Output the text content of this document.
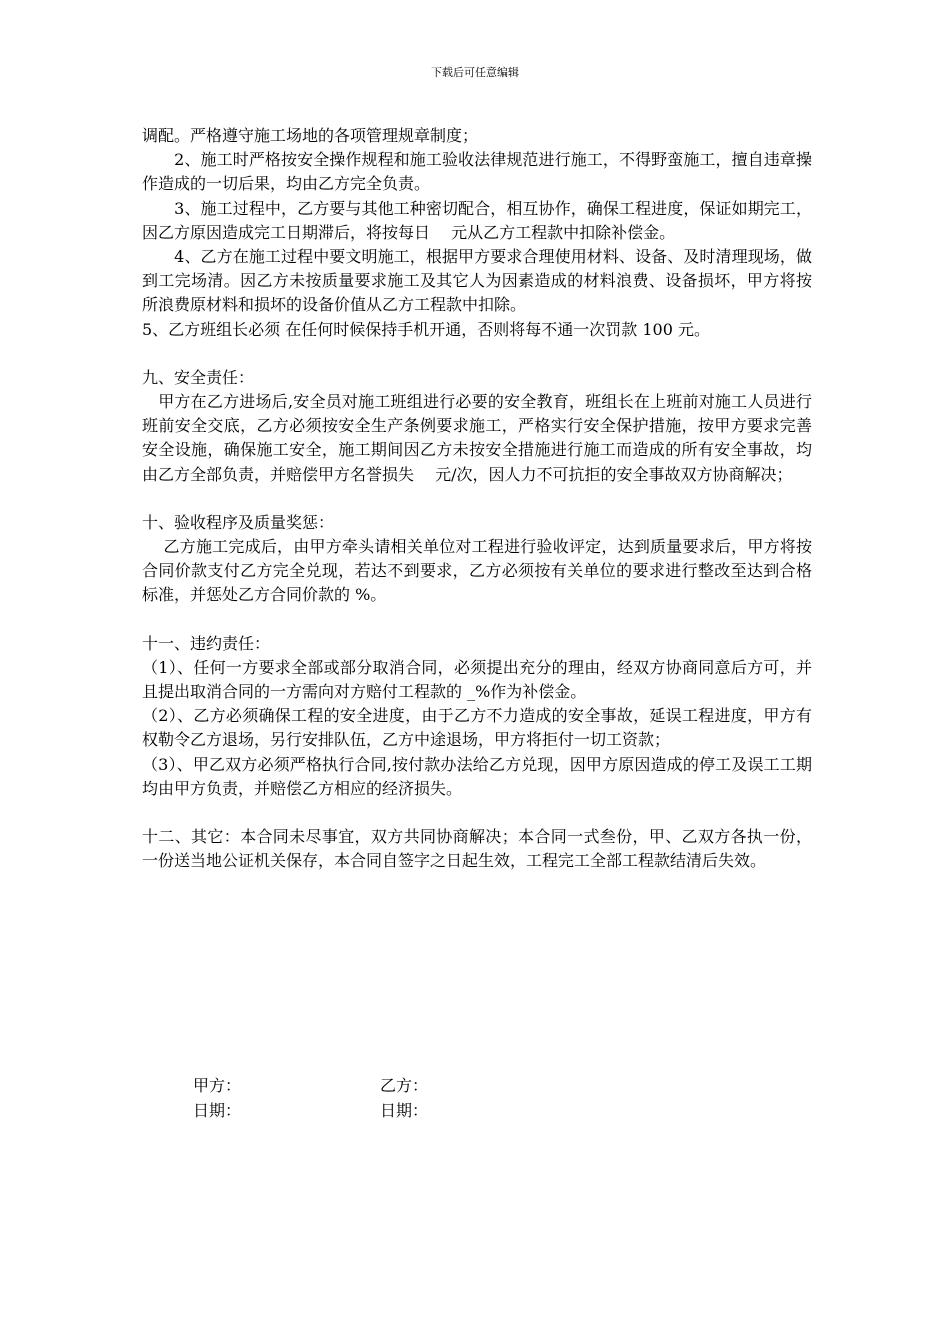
下载后可任意编辑

调配。严格遵守施工场地的各项管理规章制度；

　　2、施工时严格按安全操作规程和施工验收法律规范进行施工，不得野蛮施工，擅自违章操作造成的一切后果，均由乙方完全负责。

　　3、施工过程中，乙方要与其他工种密切配合，相互协作，确保工程进度，保证如期完工，因乙方原因造成完工日期滞后，将按每日　 元从乙方工程款中扣除补偿金。

　　4、乙方在施工过程中要文明施工，根据甲方要求合理使用材料、设备、及时清理现场，做到工完场清。因乙方未按质量要求施工及其它人为因素造成的材料浪费、设备损坏，甲方将按所浪费原材料和损坏的设备价值从乙方工程款中扣除。

5、乙方班组长必须 在任何时候保持手机开通，否则将每不通一次罚款 100 元。

九、安全责任：

　甲方在乙方进场后,安全员对施工班组进行必要的安全教育，班组长在上班前对施工人员进行班前安全交底，乙方必须按安全生产条例要求施工，严格实行安全保护措施，按甲方要求完善安全设施，确保施工安全，施工期间因乙方未按安全措施进行施工而造成的所有安全事故，均由乙方全部负责，并赔偿甲方名誉损失　 元/次，因人力不可抗拒的安全事故双方协商解决；

十、验收程序及质量奖惩：

　 乙方施工完成后，由甲方牵头请相关单位对工程进行验收评定，达到质量要求后，甲方将按合同价款支付乙方完全兑现，若达不到要求，乙方必须按有关单位的要求进行整改至达到合格标准，并惩处乙方合同价款的 %。

十一、违约责任：

（1）、任何一方要求全部或部分取消合同，必须提出充分的理由，经双方协商同意后方可，并且提出取消合同的一方需向对方赔付工程款的 _%作为补偿金。

（2）、乙方必须确保工程的安全进度，由于乙方不力造成的安全事故，延误工程进度，甲方有权勒令乙方退场，另行安排队伍，乙方中途退场，甲方将拒付一切工资款；

（3）、甲乙双方必须严格执行合同,按付款办法给乙方兑现，因甲方原因造成的停工及误工工期均由甲方负责，并赔偿乙方相应的经济损失。

十二、其它：本合同未尽事宜，双方共同协商解决；本合同一式叁份，甲、乙双方各执一份，一份送当地公证机关保存，本合同自签字之日起生效，工程完工全部工程款结清后失效。

甲方：	乙方：
日期：	日期：
